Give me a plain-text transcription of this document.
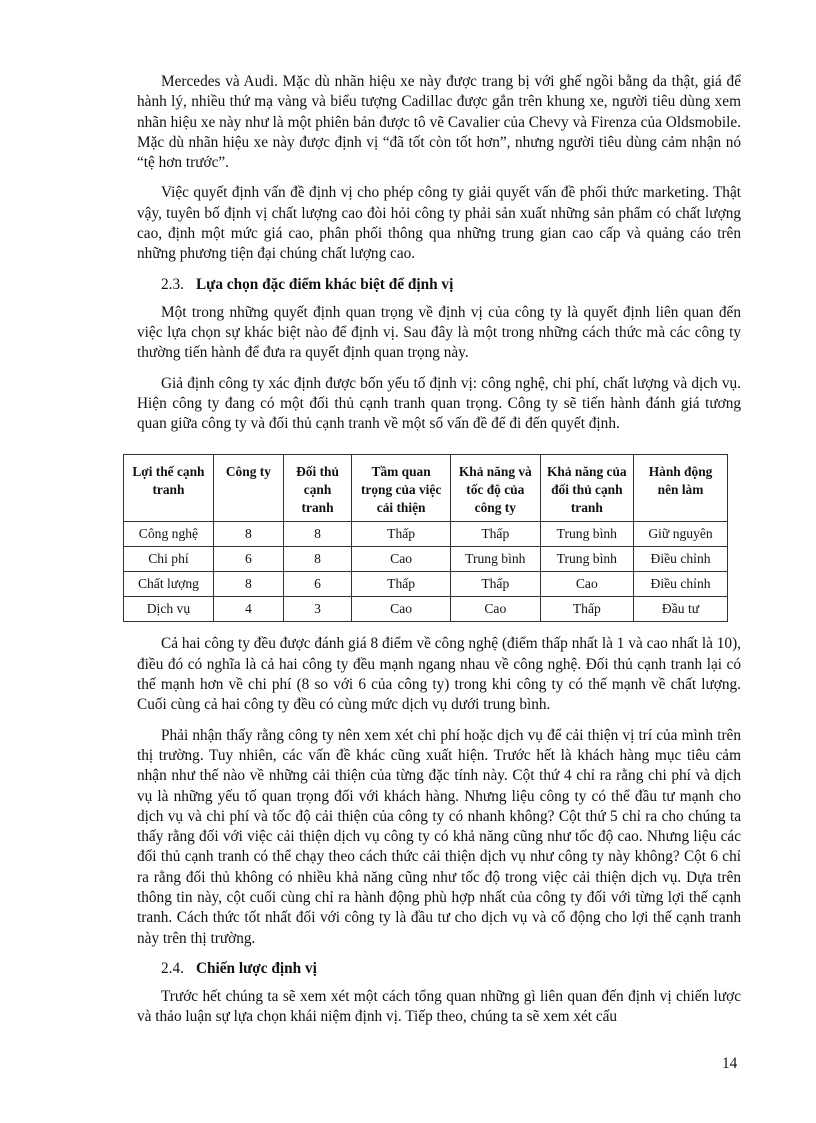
Mercedes và Audi. Mặc dù nhãn hiệu xe này được trang bị với ghế ngồi bằng da thật, giá để hành lý, nhiều thứ mạ vàng và biểu tượng Cadillac được gắn trên khung xe, người tiêu dùng xem nhãn hiệu xe này như là một phiên bản được tô vẽ Cavalier của Chevy và Firenza của Oldsmobile. Mặc dù nhãn hiệu xe này được định vị “đã tốt còn tốt hơn”, nhưng người tiêu dùng cảm nhận nó “tệ hơn trước”.

Việc quyết định vấn đề định vị cho phép công ty giải quyết vấn đề phối thức marketing. Thật vậy, tuyên bố định vị chất lượng cao đòi hỏi công ty phải sản xuất những sản phẩm có chất lượng cao, định một mức giá cao, phân phối thông qua những trung gian cao cấp và quảng cáo trên những phương tiện đại chúng chất lượng cao.

2.3. Lựa chọn đặc điểm khác biệt để định vị

Một trong những quyết định quan trọng về định vị của công ty là quyết định liên quan đến việc lựa chọn sự khác biệt nào để định vị. Sau đây là một trong những cách thức mà các công ty thường tiến hành để đưa ra quyết định quan trọng này.

Giả định công ty xác định được bốn yếu tố định vị: công nghệ, chi phí, chất lượng và dịch vụ. Hiện công ty đang có một đối thủ cạnh tranh quan trọng. Công ty sẽ tiến hành đánh giá tương quan giữa công ty và đối thủ cạnh tranh về một số vấn đề để đi đến quyết định.

Lợi thế cạnh tranh	Công ty	Đối thủ cạnh tranh	Tầm quan trọng của việc cải thiện	Khả năng và tốc độ của công ty	Khả năng của đối thủ cạnh tranh	Hành động nên làm
Công nghệ	8	8	Thấp	Thấp	Trung bình	Giữ nguyên
Chi phí	6	8	Cao	Trung bình	Trung bình	Điều chỉnh
Chất lượng	8	6	Thấp	Thấp	Cao	Điều chỉnh
Dịch vụ	4	3	Cao	Cao	Thấp	Đầu tư

Cả hai công ty đều được đánh giá 8 điểm về công nghệ (điểm thấp nhất là 1 và cao nhất là 10), điều đó có nghĩa là cả hai công ty đều mạnh ngang nhau về công nghệ. Đối thủ cạnh tranh lại có thế mạnh hơn về chi phí (8 so với 6 của công ty) trong khi công ty có thế mạnh về chất lượng. Cuối cùng cả hai công ty đều có cùng mức dịch vụ dưới trung bình.

Phải nhận thấy rằng công ty nên xem xét chi phí hoặc dịch vụ để cải thiện vị trí của mình trên thị trường. Tuy nhiên, các vấn đề khác cũng xuất hiện. Trước hết là khách hàng mục tiêu cảm nhận như thế nào về những cải thiện của từng đặc tính này. Cột thứ 4 chỉ ra rằng chi phí và dịch vụ là những yếu tố quan trọng đối với khách hàng. Nhưng liệu công ty có thể đầu tư mạnh cho dịch vụ và chi phí và tốc độ cải thiện của công ty có nhanh không? Cột thứ 5 chỉ ra cho chúng ta thấy rằng đối với việc cải thiện dịch vụ công ty có khả năng cũng như tốc độ cao. Nhưng liệu các đối thủ cạnh tranh có thể chạy theo cách thức cải thiện dịch vụ như công ty này không? Cột 6 chỉ ra rằng đối thủ không có nhiều khả năng cũng như tốc độ trong việc cải thiện dịch vụ. Dựa trên thông tin này, cột cuối cùng chỉ ra hành động phù hợp nhất của công ty đối với từng lợi thế cạnh tranh. Cách thức tốt nhất đối với công ty là đầu tư cho dịch vụ và cổ động cho lợi thế cạnh tranh này trên thị trường.

2.4. Chiến lược định vị

Trước hết chúng ta sẽ xem xét một cách tổng quan những gì liên quan đến định vị chiến lược và thảo luận sự lựa chọn khái niệm định vị. Tiếp theo, chúng ta sẽ xem xét cấu

14
